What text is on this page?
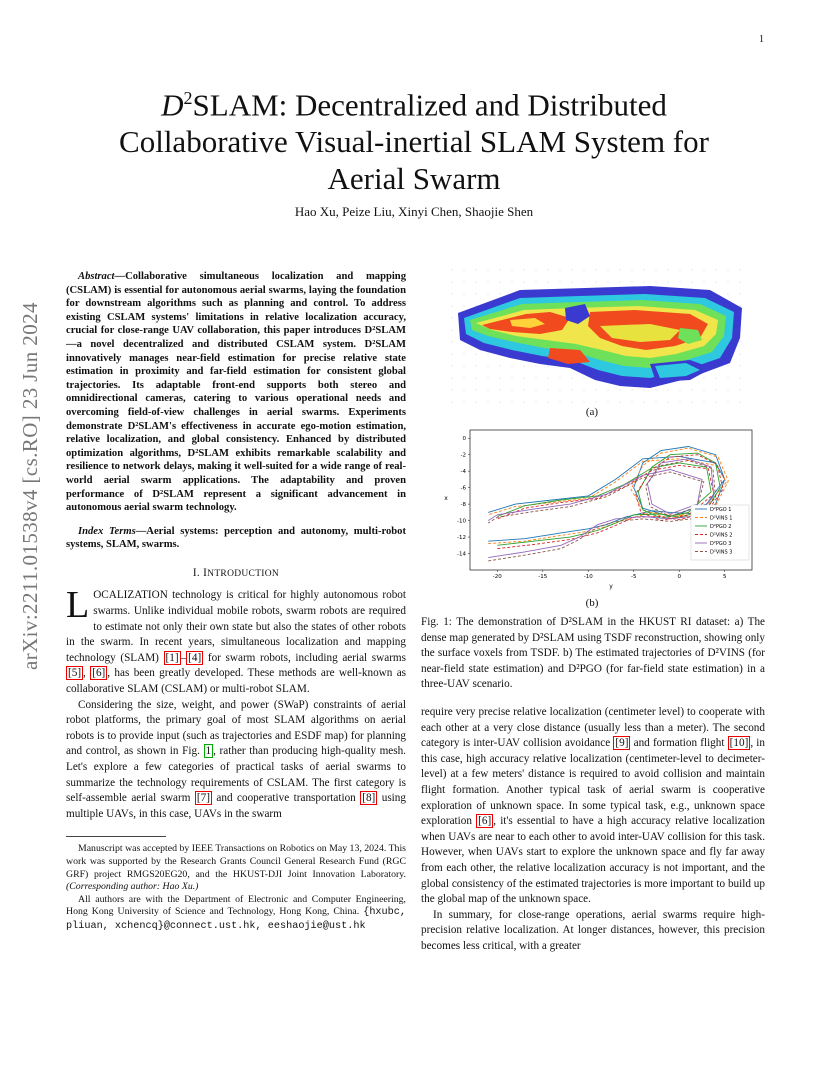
1
$D^2SLAM$: Decentralized and Distributed
Collaborative Visual-inertial SLAM System for
Aerial Swarm
Hao Xu, Peize Liu, Xinyi Chen, Shaojie Shen
arXiv:2211.01538v4 [cs.RO] 23 Jun 2024

Abstract—Collaborative simultaneous localization and mapping (CSLAM) is essential for autonomous aerial swarms, laying the foundation for downstream algorithms such as planning and control. To address existing CSLAM systems' limitations in relative localization accuracy, crucial for close-range UAV collaboration, this paper introduces D²SLAM—a novel decentralized and distributed CSLAM system. D²SLAM innovatively manages near-field estimation for precise relative state estimation in proximity and far-field estimation for consistent global trajectories. Its adaptable front-end supports both stereo and omnidirectional cameras, catering to various operational needs and overcoming field-of-view challenges in aerial swarms. Experiments demonstrate D²SLAM's effectiveness in accurate ego-motion estimation, relative localization, and global consistency. Enhanced by distributed optimization algorithms, D²SLAM exhibits remarkable scalability and resilience to network delays, making it well-suited for a wide range of real-world aerial swarm applications. The adaptability and proven performance of D²SLAM represent a significant advancement in autonomous aerial swarm technology.

Index Terms—Aerial systems: perception and autonomy, multi-robot systems, SLAM, swarms.

I. INTRODUCTION

LOCALIZATION technology is critical for highly autonomous robot swarms. Unlike individual mobile robots, swarm robots are required to estimate not only their own state but also the states of other robots in the swarm. In recent years, simultaneous localization and mapping technology (SLAM) [1] – [4] for swarm robots, including aerial swarms [5] , [6] , has been greatly developed. These methods are well-known as collaborative SLAM (CSLAM) or multi-robot SLAM.

Considering the size, weight, and power (SWaP) constraints of aerial robot platforms, the primary goal of most SLAM algorithms on aerial robots is to provide input (such as trajectories and ESDF map) for planning and control, as shown in Fig. 1 , rather than producing high-quality mesh. Let's explore a few categories of practical tasks of aerial swarms to summarize the technology requirements of CSLAM. The first category is self-assemble aerial swarm [7] and cooperative transportation [8] using multiple UAVs, in this case, UAVs in the swarm

Manuscript was accepted by IEEE Transactions on Robotics on May 13, 2024. This work was supported by the Research Grants Council General Research Fund (RGC GRF) project RMGS20EG20, and the HKUST-DJI Joint Innovation Laboratory. (Corresponding author: Hao Xu.)

All authors are with the Department of Electronic and Computer Engineering, Hong Kong University of Science and Technology, Hong Kong, China. {hxubc, pliuan, xchencq}@connect.ust.hk, eeshaojie@ust.hk

(a)
-20	-15	-10	-5	0	5
0
-2
-4
-6
-8
-10
-12
-14
D²PGO 1
D²VINS 1
D²PGO 2
D²VINS 2
D²PGO 3
D²VINS 3
y
x
(b)

Fig. 1: The demonstration of D²SLAM in the HKUST RI dataset: a) The dense map generated by D²SLAM using TSDF reconstruction, showing only the surface voxels from TSDF. b) The estimated trajectories of D²VINS (for near-field state estimation) and D²PGO (for far-field state estimation) in a three-UAV scenario.

require very precise relative localization (centimeter level) to cooperate with each other at a very close distance (usually less than a meter). The second category is inter-UAV collision avoidance [9] and formation flight [10] , in this case, high accuracy relative localization (centimeter-level to decimeter-level) at a few meters' distance is required to avoid collision and maintain flight formation. Another typical task of aerial swarm is cooperative exploration of unknown space. In some typical task, e.g., unknown space exploration [6] , it's essential to have a high accuracy relative localization when UAVs are near to each other to avoid inter-UAV collision for this task. However, when UAVs start to explore the unknown space and fly far away from each other, the relative localization accuracy is not important, and the global consistency of the estimated trajectories is more important to build up the global map of the unknown space.

In summary, for close-range operations, aerial swarms require high-precision relative localization. At longer distances, however, this precision becomes less critical, with a greater
